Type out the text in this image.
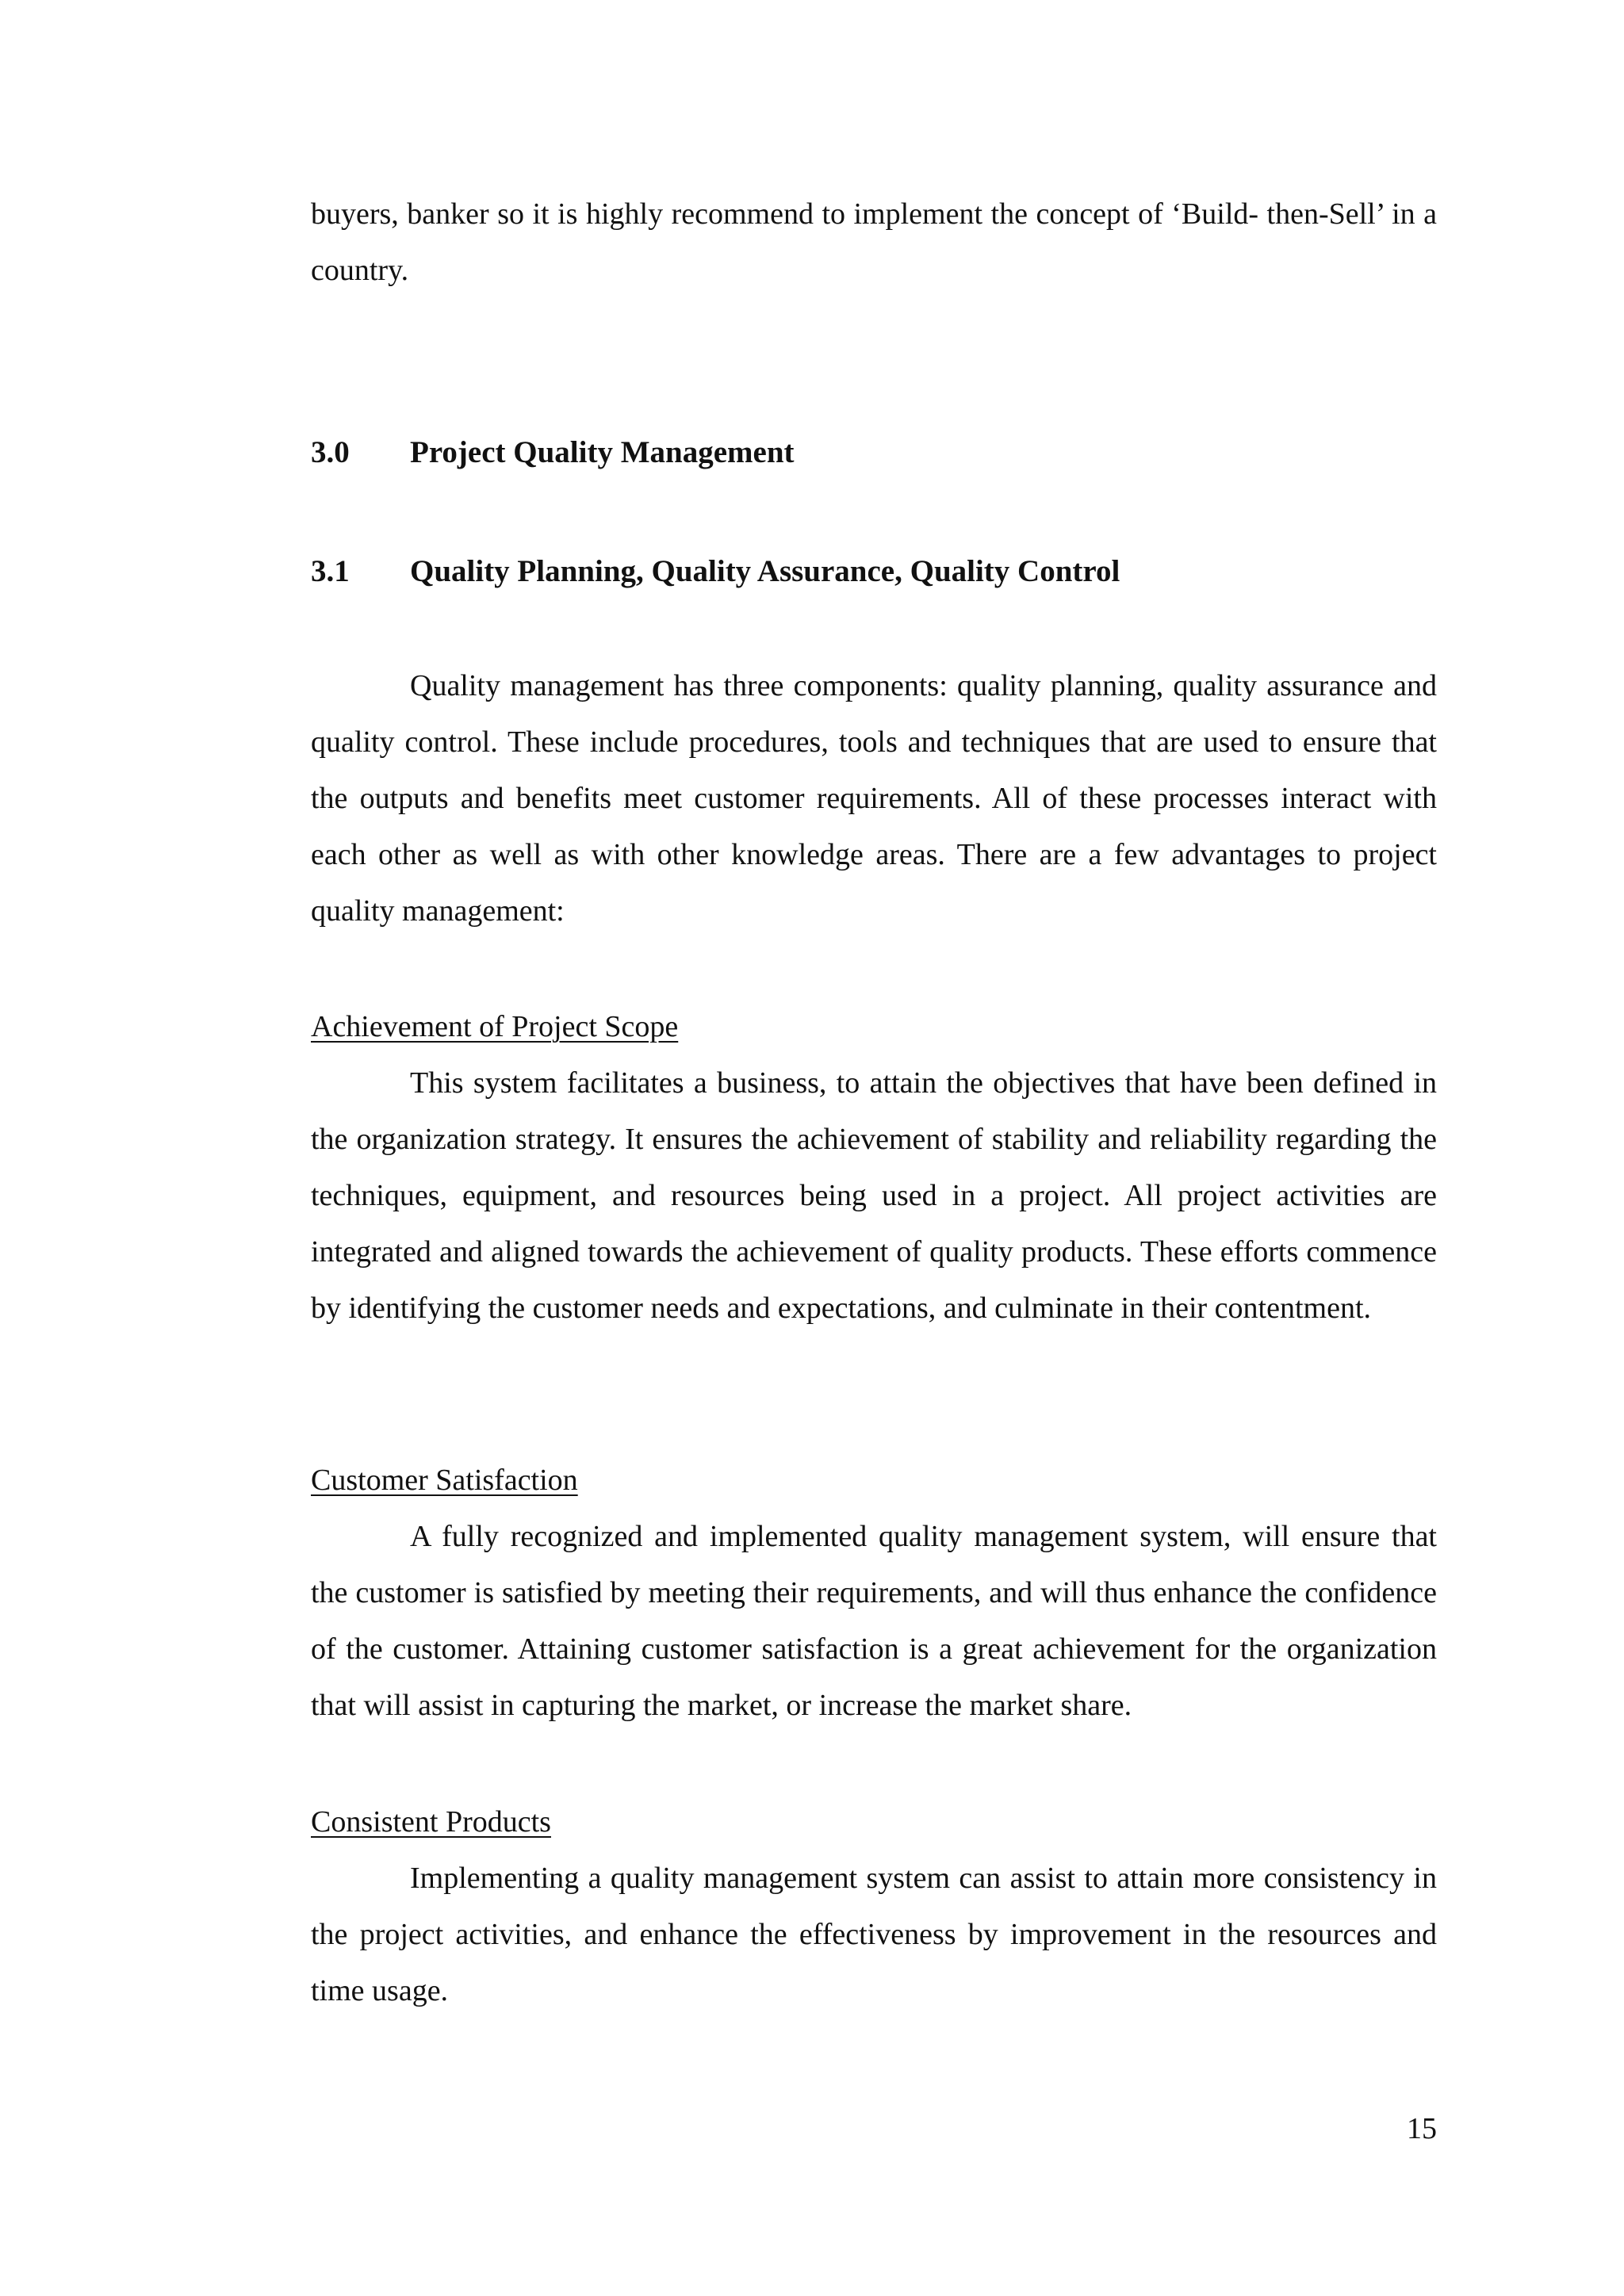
buyers, banker so it is highly recommend to implement the concept of ‘Build- then-Sell’ in a country.

3.0 Project Quality Management
3.1 Quality Planning, Quality Assurance, Quality Control

Quality management has three components: quality planning, quality assurance and quality control. These include procedures, tools and techniques that are used to ensure that the outputs and benefits meet customer requirements. All of these processes interact with each other as well as with other knowledge areas. There are a few advantages to project quality management:

Achievement of Project Scope

This system facilitates a business, to attain the objectives that have been defined in the organization strategy. It ensures the achievement of stability and reliability regarding the techniques, equipment, and resources being used in a project. All project activities are integrated and aligned towards the achievement of quality products. These efforts commence by identifying the customer needs and expectations, and culminate in their contentment.

Customer Satisfaction

A fully recognized and implemented quality management system, will ensure that the customer is satisfied by meeting their requirements, and will thus enhance the confidence of the customer. Attaining customer satisfaction is a great achievement for the organization that will assist in capturing the market, or increase the market share.

Consistent Products

Implementing a quality management system can assist to attain more consistency in the project activities, and enhance the effectiveness by improvement in the resources and time usage.

15
